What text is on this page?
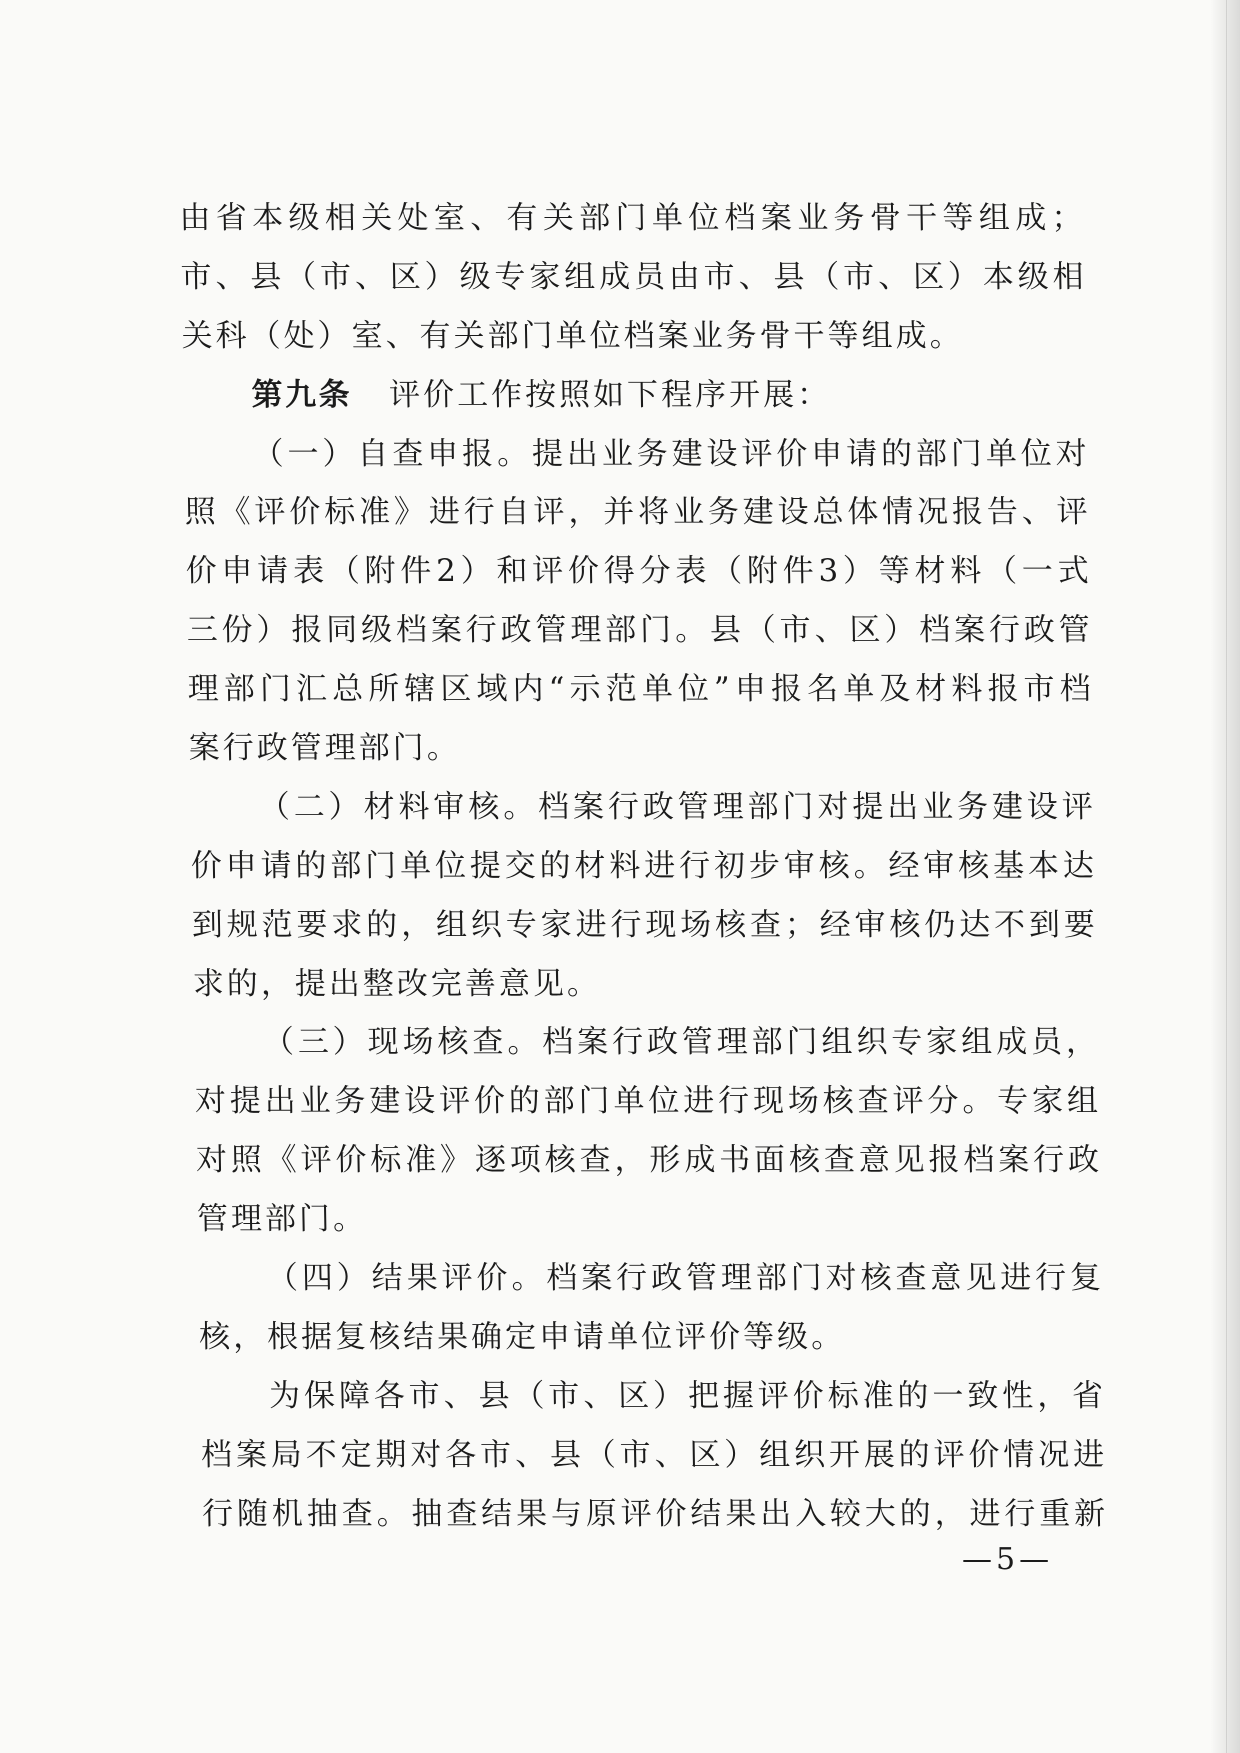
由省本级相关处室、有关部门单位档案业务骨干等组成；
市、县（市、区）级专家组成员由市、县（市、区）本级相
关科（处）室、有关部门单位档案业务骨干等组成。
第九条 评价工作按照如下程序开展：
（一）自查申报。提出业务建设评价申请的部门单位对
照《评价标准》进行自评，并将业务建设总体情况报告、评
价申请表（附件2）和评价得分表（附件3）等材料（一式
三份）报同级档案行政管理部门。县（市、区）档案行政管
理部门汇总所辖区域内“示范单位”申报名单及材料报市档
案行政管理部门。
（二）材料审核。档案行政管理部门对提出业务建设评
价申请的部门单位提交的材料进行初步审核。经审核基本达
到规范要求的，组织专家进行现场核查；经审核仍达不到要
求的，提出整改完善意见。
（三）现场核查。档案行政管理部门组织专家组成员，
对提出业务建设评价的部门单位进行现场核查评分。专家组
对照《评价标准》逐项核查，形成书面核查意见报档案行政
管理部门。
（四）结果评价。档案行政管理部门对核查意见进行复
核，根据复核结果确定申请单位评价等级。
为保障各市、县（市、区）把握评价标准的一致性，省
档案局不定期对各市、县（市、区）组织开展的评价情况进
行随机抽查。抽查结果与原评价结果出入较大的，进行重新
—5—
